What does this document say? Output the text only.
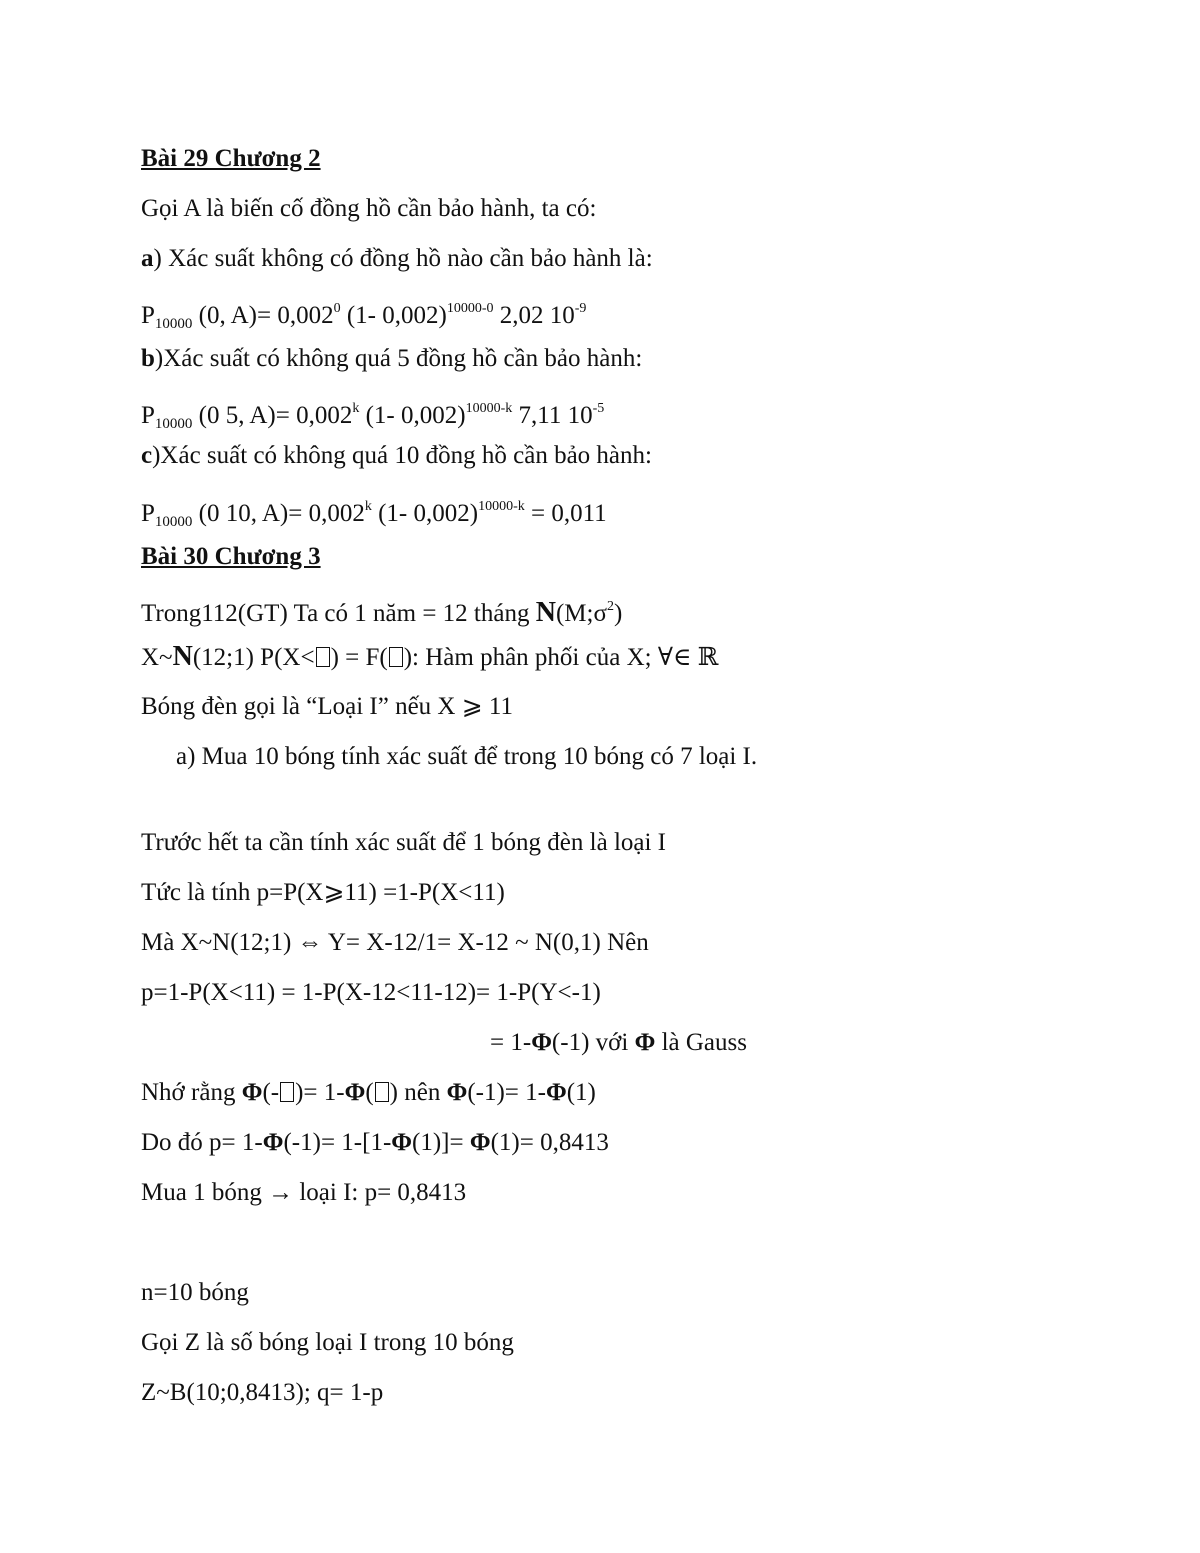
Bài 29 Chương 2
Gọi A là biến cố đồng hồ cần bảo hành, ta có:
a) Xác suất không có đồng hồ nào cần bảo hành là:
$P_{10000}$ (0, $A)= 0,002^0$ (1- 0,002)$^{10000-0}$ 2,02 $10^{-9}$
b)Xác suất có không quá 5 đồng hồ cần bảo hành:
$P_{10000}$ (0 5, $A)= 0,002^k$ (1- 0,002)$^{10000-k}$ 7,11 $10^{-5}$
c)Xác suất có không quá 10 đồng hồ cần bảo hành:
$P_{10000}$ (0 10, $A)= 0,002^k$ (1- 0,002)$^{10000-k}$ = 0,011
Bài 30 Chương 3
Trong112(GT) Ta có 1 năm = 12 tháng $N(M;\sigma^2)$
X~N(12;1) P(X< ) = F( ): Hàm phân phối của X; ∀∈ ℝ
Bóng đèn gọi là “Loại I” nếu X ⩾ 11
a) Mua 10 bóng tính xác suất để trong 10 bóng có 7 loại I.
Trước hết ta cần tính xác suất để 1 bóng đèn là loại I
Tức là tính p=P(X⩾11) =1-P(X<11)
Mà X~N(12;1) ⇔ Y= X-12/1= X-12 ~ N(0,1) Nên
p=1-P(X<11) = 1-P(X-12<11-12)= 1-P(Y<-1)
= 1-Φ(-1) với Φ là Gauss
Nhớ rằng Φ(- )= 1-Φ( ) nên Φ(-1)= 1-Φ(1)
Do đó p= 1-Φ(-1)= 1-[1-Φ(1)]= Φ(1)= 0,8413
Mua 1 bóng → loại I: p= 0,8413
n=10 bóng
Gọi Z là số bóng loại I trong 10 bóng
Z~B(10;0,8413); q= 1-p
